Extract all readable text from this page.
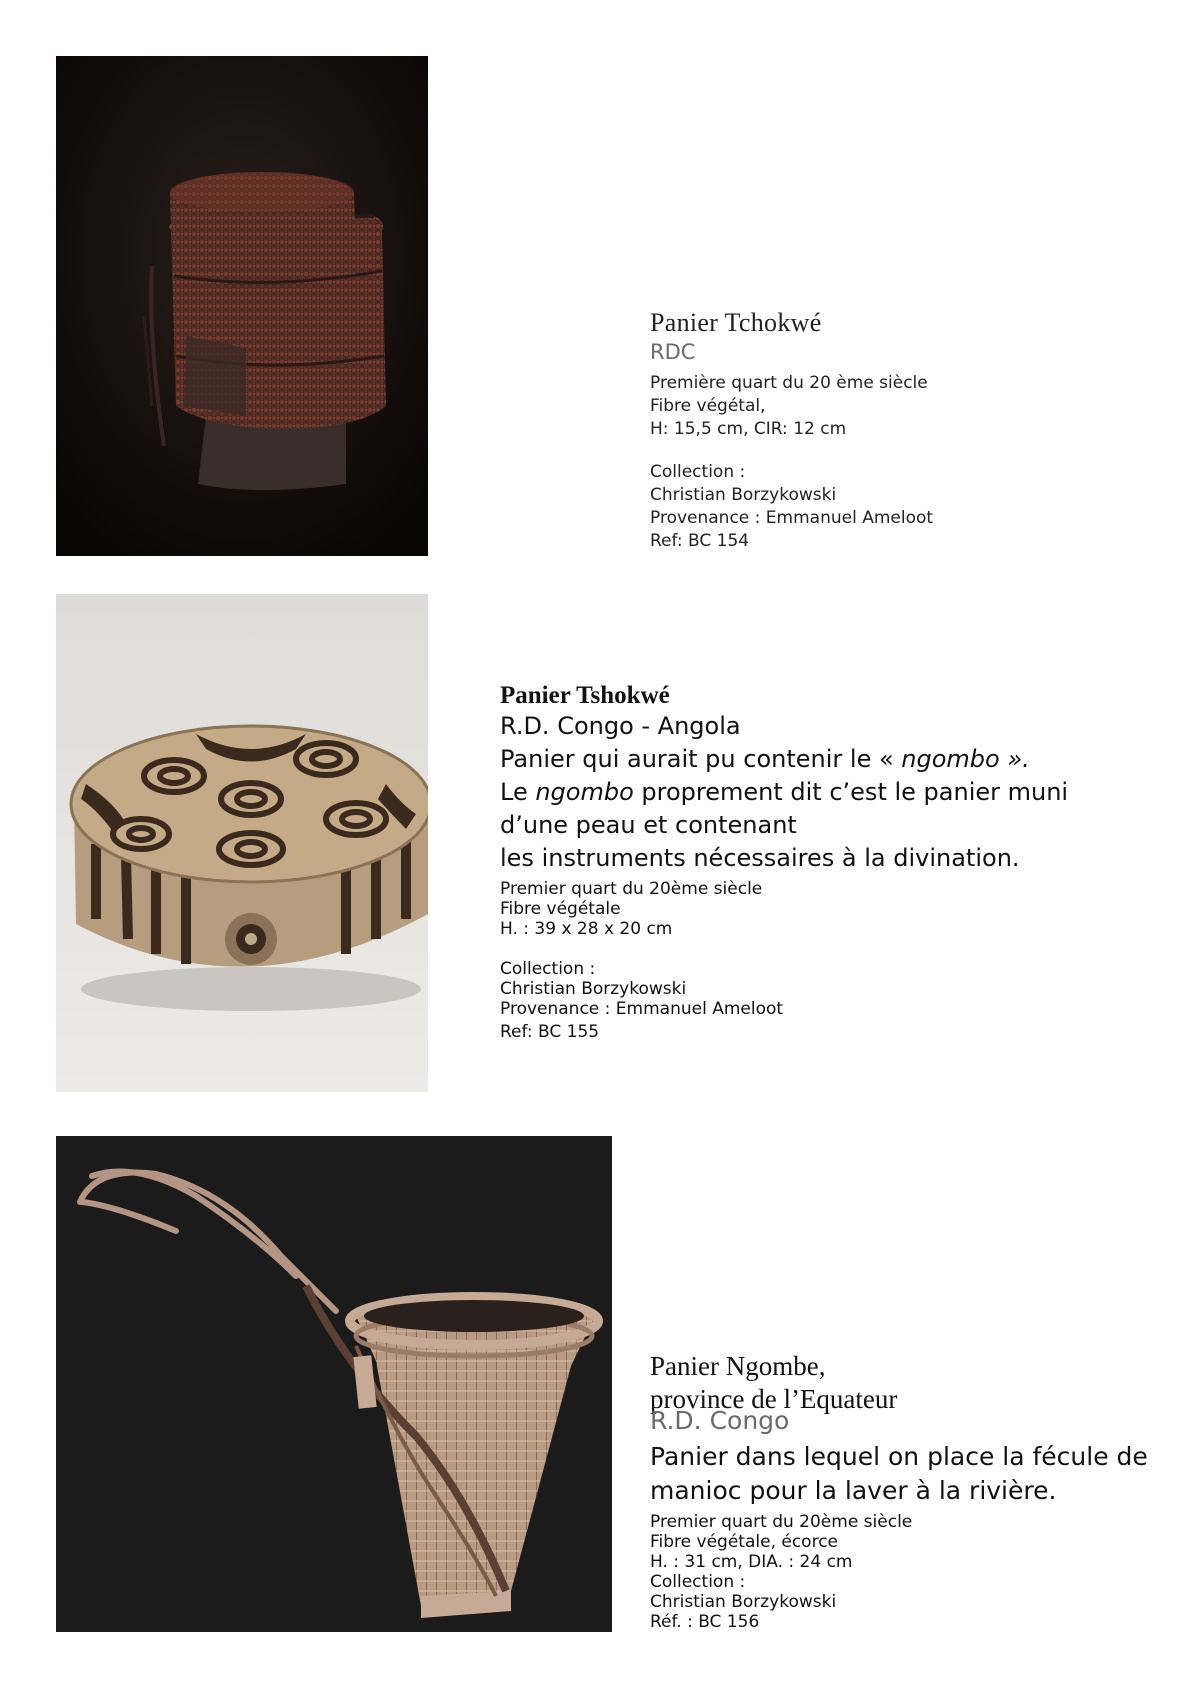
Panier Tchokwé
RDC
Première quart du 20 ème siècle
Fibre végétal,
H: 15,5 cm, CIR: 12 cm
Collection :
Christian Borzykowski
Provenance : Emmanuel Ameloot
Ref: BC 154
Panier Tshokwé
R.D. Congo - Angola
Panier qui aurait pu contenir le « ngombo ».
Le ngombo proprement dit c’est le panier muni
d’une peau et contenant
les instruments nécessaires à la divination.
Premier quart du 20ème siècle
Fibre végétale
H. : 39 x 28 x 20 cm
Collection :
Christian Borzykowski
Provenance : Emmanuel Ameloot
Ref: BC 155
Panier Ngombe,
province de l’Equateur
R.D. Congo
Panier dans lequel on place la fécule de
manioc pour la laver à la rivière.
Premier quart du 20ème siècle
Fibre végétale, écorce
H. : 31 cm, DIA. : 24 cm
Collection :
Christian Borzykowski
Réf. : BC 156
